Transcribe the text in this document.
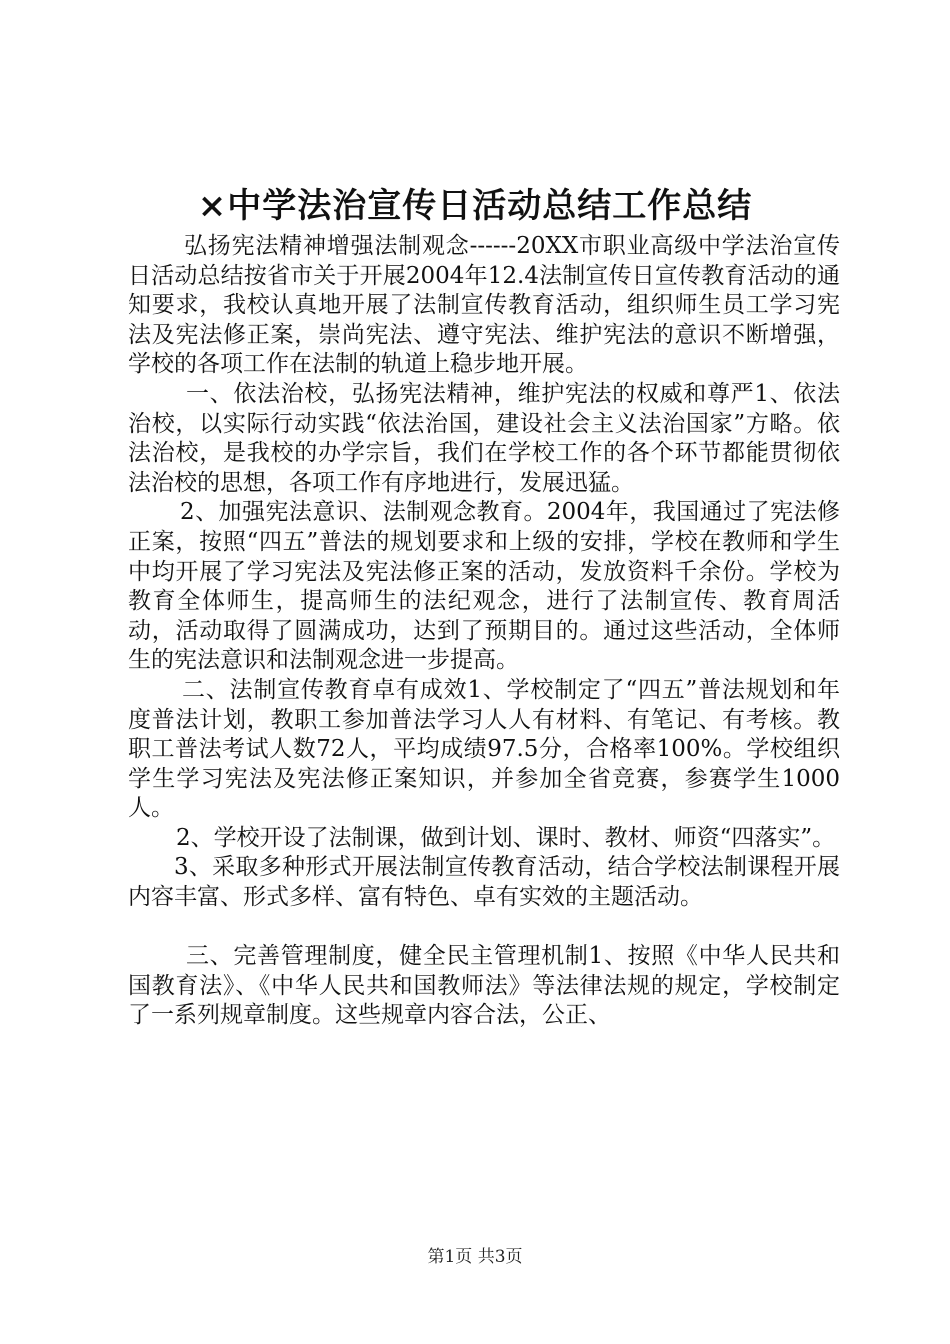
×中学法治宣传日活动总结工作总结

弘扬宪法精神增强法制观念------20XX市职业高级中学法治宣传日活动总结按省市关于开展2004年12.4法制宣传日宣传教育活动的通知要求，我校认真地开展了法制宣传教育活动，组织师生员工学习宪法及宪法修正案，崇尚宪法、遵守宪法、维护宪法的意识不断增强，学校的各项工作在法制的轨道上稳步地开展。

一、依法治校，弘扬宪法精神，维护宪法的权威和尊严1、依法治校，以实际行动实践“依法治国，建设社会主义法治国家”方略。依法治校，是我校的办学宗旨，我们在学校工作的各个环节都能贯彻依法治校的思想，各项工作有序地进行，发展迅猛。

2、加强宪法意识、法制观念教育。2004年，我国通过了宪法修正案，按照“四五”普法的规划要求和上级的安排，学校在教师和学生中均开展了学习宪法及宪法修正案的活动，发放资料千余份。学校为教育全体师生，提高师生的法纪观念，进行了法制宣传、教育周活动，活动取得了圆满成功，达到了预期目的。通过这些活动，全体师生的宪法意识和法制观念进一步提高。

二、法制宣传教育卓有成效1、学校制定了“四五”普法规划和年度普法计划，教职工参加普法学习人人有材料、有笔记、有考核。教职工普法考试人数72人，平均成绩97.5分，合格率100%。学校组织学生学习宪法及宪法修正案知识，并参加全省竞赛，参赛学生1000人。

2、学校开设了法制课，做到计划、课时、教材、师资“四落实”。

3、采取多种形式开展法制宣传教育活动，结合学校法制课程开展内容丰富、形式多样、富有特色、卓有实效的主题活动。

三、完善管理制度，健全民主管理机制1、按照《中华人民共和国教育法》、《中华人民共和国教师法》等法律法规的规定，学校制定了一系列规章制度。这些规章内容合法，公正、

第1页 共3页
